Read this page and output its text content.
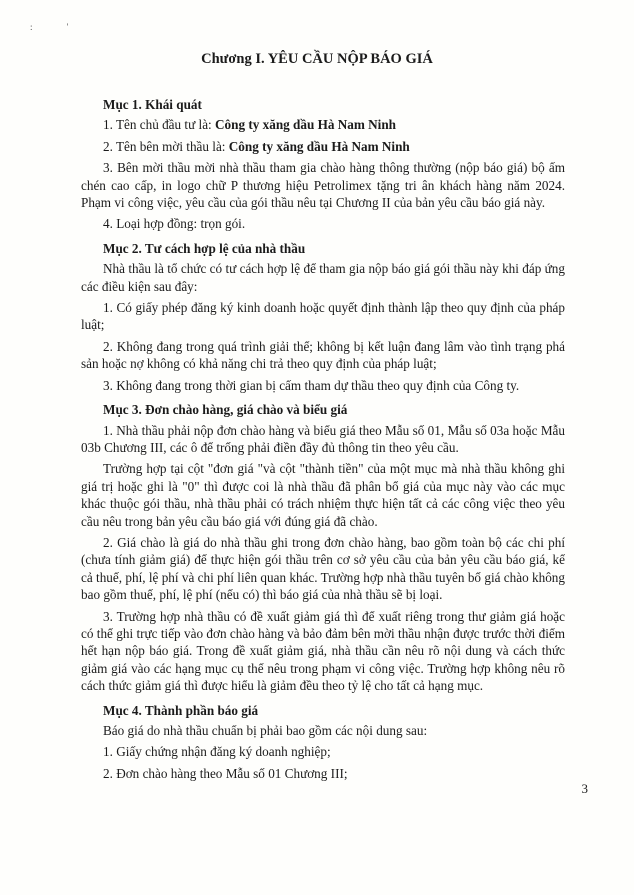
: '
Chương I. YÊU CẦU NỘP BÁO GIÁ
Mục 1. Khái quát
1. Tên chủ đầu tư là: Công ty xăng dầu Hà Nam Ninh
2. Tên bên mời thầu là: Công ty xăng dầu Hà Nam Ninh
3. Bên mời thầu mời nhà thầu tham gia chào hàng thông thường (nộp báo giá) bộ ấm chén cao cấp, in logo chữ P thương hiệu Petrolimex tặng tri ân khách hàng năm 2024. Phạm vi công việc, yêu cầu của gói thầu nêu tại Chương II của bản yêu cầu báo giá này.
4. Loại hợp đồng: trọn gói.
Mục 2. Tư cách hợp lệ của nhà thầu
Nhà thầu là tổ chức có tư cách hợp lệ để tham gia nộp báo giá gói thầu này khi đáp ứng các điều kiện sau đây:
1. Có giấy phép đăng ký kinh doanh hoặc quyết định thành lập theo quy định của pháp luật;
2. Không đang trong quá trình giải thể; không bị kết luận đang lâm vào tình trạng phá sản hoặc nợ không có khả năng chi trả theo quy định của pháp luật;
3. Không đang trong thời gian bị cấm tham dự thầu theo quy định của Công ty.
Mục 3. Đơn chào hàng, giá chào và biểu giá
1. Nhà thầu phải nộp đơn chào hàng và biểu giá theo Mẫu số 01, Mẫu số 03a hoặc Mẫu 03b Chương III, các ô để trống phải điền đầy đủ thông tin theo yêu cầu.
Trường hợp tại cột "đơn giá "và cột "thành tiền" của một mục mà nhà thầu không ghi giá trị hoặc ghi là "0" thì được coi là nhà thầu đã phân bổ giá của mục này vào các mục khác thuộc gói thầu, nhà thầu phải có trách nhiệm thực hiện tất cả các công việc theo yêu cầu nêu trong bản yêu cầu báo giá với đúng giá đã chào.
2. Giá chào là giá do nhà thầu ghi trong đơn chào hàng, bao gồm toàn bộ các chi phí (chưa tính giảm giá) để thực hiện gói thầu trên cơ sở yêu cầu của bản yêu cầu báo giá, kể cả thuế, phí, lệ phí và chi phí liên quan khác. Trường hợp nhà thầu tuyên bố giá chào không bao gồm thuế, phí, lệ phí (nếu có) thì báo giá của nhà thầu sẽ bị loại.
3. Trường hợp nhà thầu có đề xuất giảm giá thì để xuất riêng trong thư giảm giá hoặc có thể ghi trực tiếp vào đơn chào hàng và bảo đảm bên mời thầu nhận được trước thời điểm hết hạn nộp báo giá. Trong đề xuất giảm giá, nhà thầu cần nêu rõ nội dung và cách thức giảm giá vào các hạng mục cụ thể nêu trong phạm vi công việc. Trường hợp không nêu rõ cách thức giảm giá thì được hiểu là giảm đều theo tỷ lệ cho tất cả hạng mục.
Mục 4. Thành phần báo giá
Báo giá do nhà thầu chuẩn bị phải bao gồm các nội dung sau:
1. Giấy chứng nhận đăng ký doanh nghiệp;
2. Đơn chào hàng theo Mẫu số 01 Chương III;
3
